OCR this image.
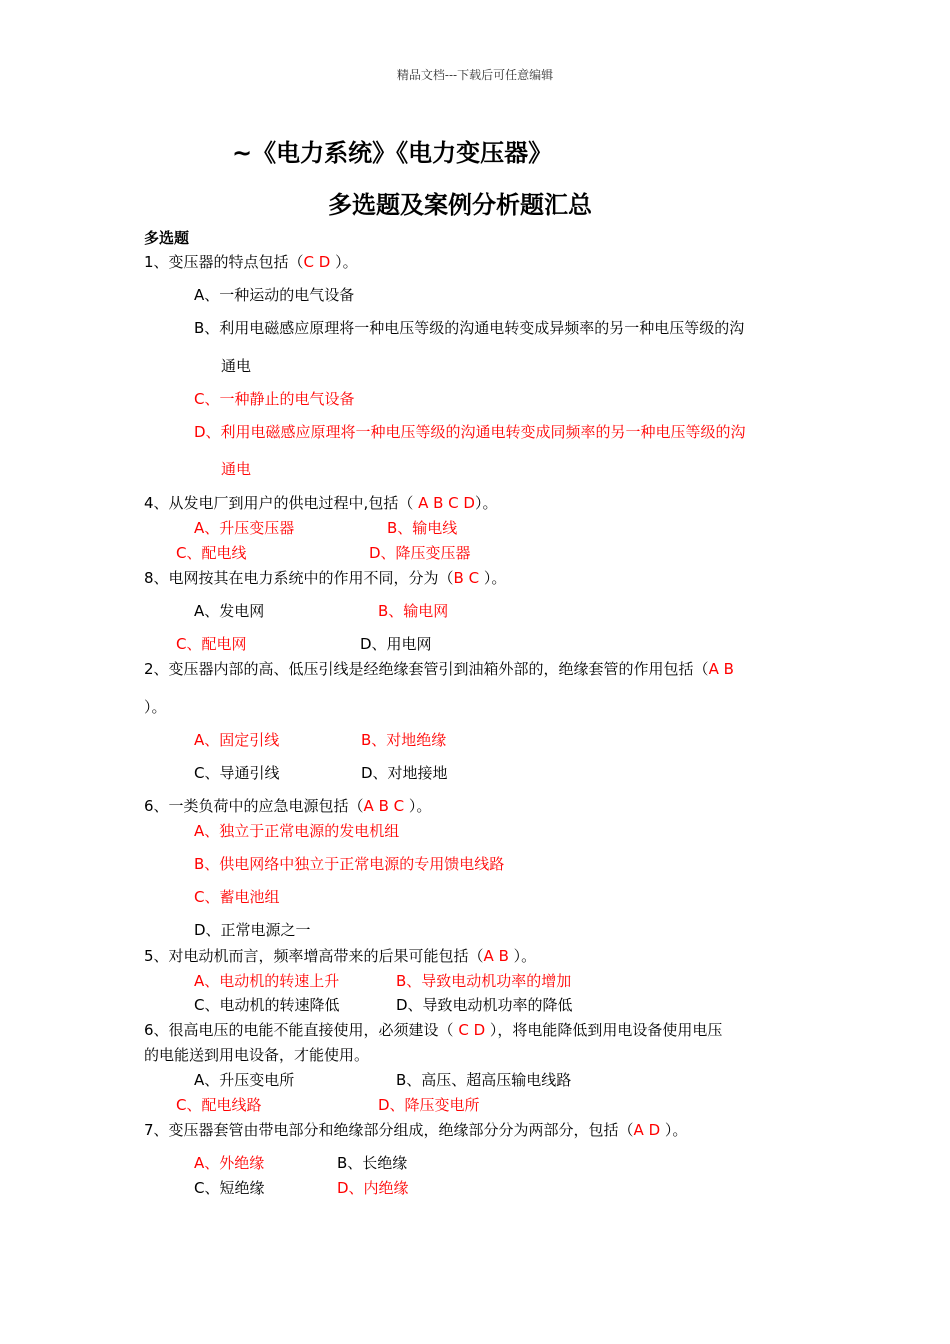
精品文档---下载后可任意编辑
~《电力系统》《电力变压器》
多选题及案例分析题汇总
多选题
1、变压器的特点包括（C D ）。
A、一种运动的电气设备
B、利用电磁感应原理将一种电压等级的沟通电转变成异频率的另一种电压等级的沟
通电
C、一种静止的电气设备
D、利用电磁感应原理将一种电压等级的沟通电转变成同频率的另一种电压等级的沟
通电
4、从发电厂到用户的供电过程中,包括（ A B C D）。
A、升压变压器	B、输电线
C、配电线	D、降压变压器
8、电网按其在电力系统中的作用不同，分为（B C ）。
A、发电网	B、输电网
C、配电网	D、用电网
2、变压器内部的高、低压引线是经绝缘套管引到油箱外部的，绝缘套管的作用包括（A B
）。
A、固定引线	B、对地绝缘
C、导通引线	D、对地接地
6、一类负荷中的应急电源包括（A B C ）。
A、独立于正常电源的发电机组
B、供电网络中独立于正常电源的专用馈电线路
C、蓄电池组
D、正常电源之一
5、对电动机而言，频率增高带来的后果可能包括（A B ）。
A、电动机的转速上升	B、导致电动机功率的增加
C、电动机的转速降低	D、导致电动机功率的降低
6、很高电压的电能不能直接使用，必须建设（ C D ），将电能降低到用电设备使用电压
的电能送到用电设备，才能使用。
A、升压变电所	B、高压、超高压输电线路
C、配电线路	D、降压变电所
7、变压器套管由带电部分和绝缘部分组成，绝缘部分分为两部分，包括（A D ）。
A、外绝缘	B、长绝缘
C、短绝缘	D、内绝缘
